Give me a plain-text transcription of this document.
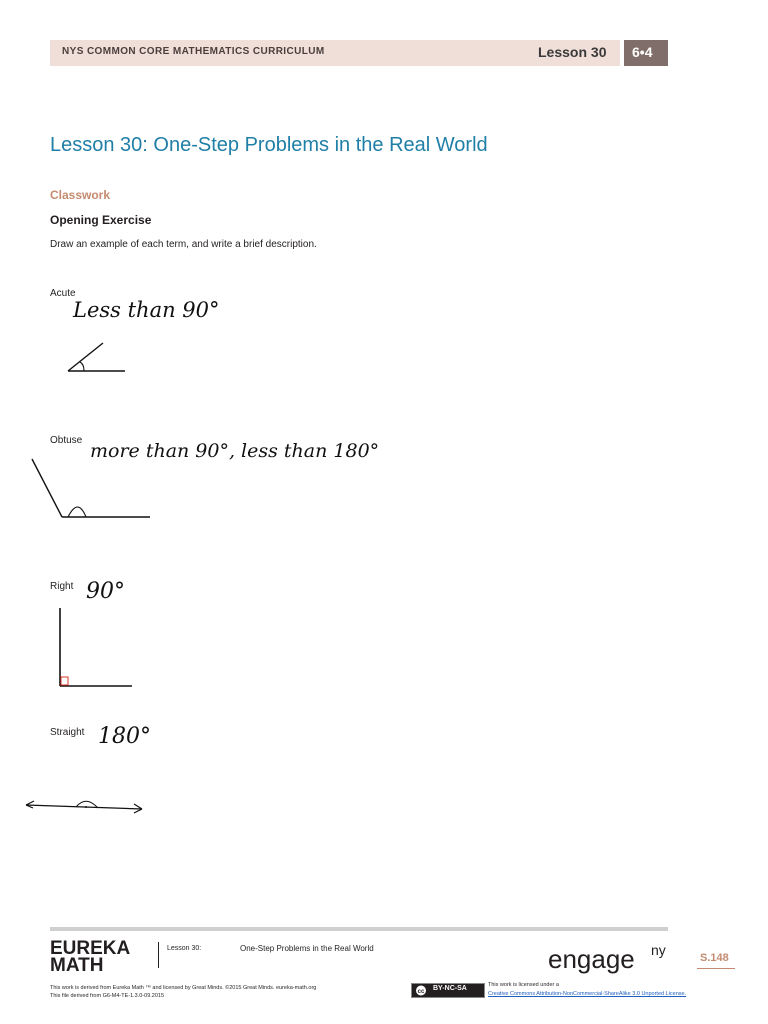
NYS COMMON CORE MATHEMATICS CURRICULUM	Lesson 30 6•4
Lesson 30: One-Step Problems in the Real World
Classwork
Opening Exercise
Draw an example of each term, and write a brief description.
Acute
Less than 90°
Obtuse more than 90°, less than 180°
Right 90°
Straight 180°
EUREKA
MATH
Lesson 30:	One-Step Problems in the Real World	engage ny	S.148
This work is derived from Eureka Math ™ and licensed by Great Minds. ©2015 Great Minds. eureka-math.org
This file derived from G6-M4-TE-1.3.0-09.2015
cc BY-NC-SA	This work is licensed under a
Creative Commons Attribution-NonCommercial-ShareAlike 3.0 Unported License.
